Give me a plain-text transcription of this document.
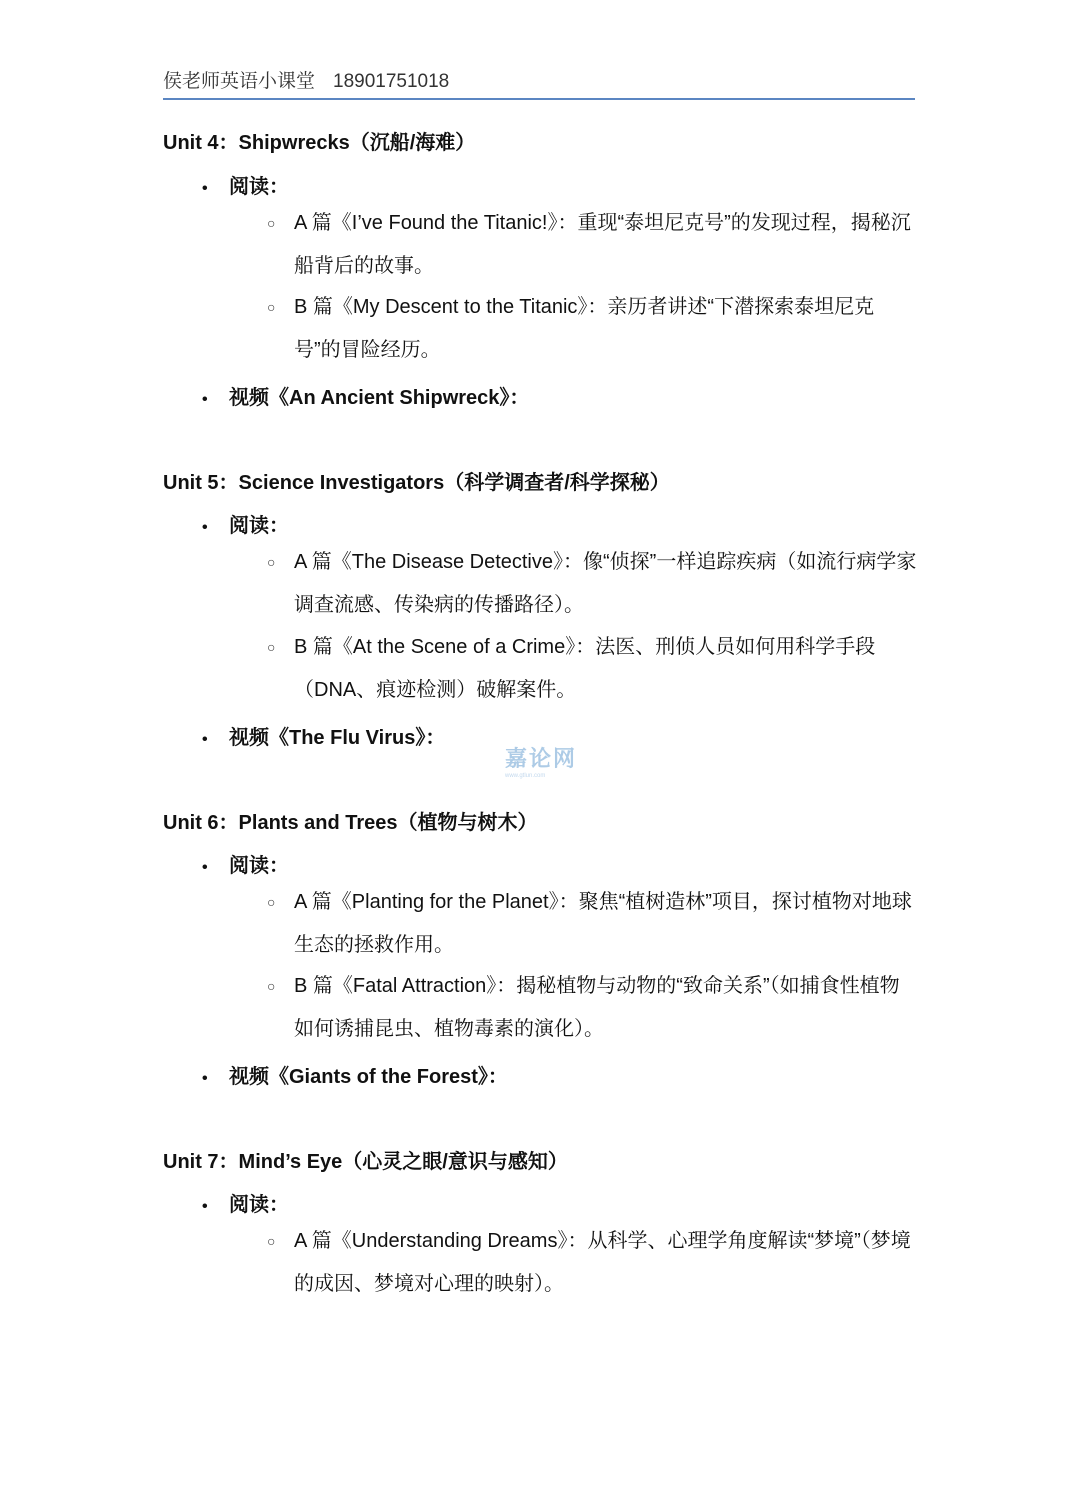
侯老师英语小课堂 18901751018
Unit 4：Shipwrecks（沉船/海难）
• 阅读：
○ A 篇《I’ve Found the Titanic!》：重现“泰坦尼克号”的发现过程，揭秘沉船背后的故事。
○ B 篇《My Descent to the Titanic》：亲历者讲述“下潜探索泰坦尼克号”的冒险经历。
• 视频《An Ancient Shipwreck》：
Unit 5：Science Investigators（科学调查者/科学探秘）
• 阅读：
○ A 篇《The Disease Detective》：像“侦探”一样追踪疾病（如流行病学家调查流感、传染病的传播路径）。
○ B 篇《At the Scene of a Crime》：法医、刑侦人员如何用科学手段（DNA、痕迹检测）破解案件。
• 视频《The Flu Virus》：
嘉论网
www.gtlun.com
Unit 6：Plants and Trees（植物与树木）
• 阅读：
○ A 篇《Planting for the Planet》：聚焦“植树造林”项目，探讨植物对地球生态的拯救作用。
○ B 篇《Fatal Attraction》：揭秘植物与动物的“致命关系”（如捕食性植物如何诱捕昆虫、植物毒素的演化）。
• 视频《Giants of the Forest》：
Unit 7：Mind’s Eye（心灵之眼/意识与感知）
• 阅读：
○ A 篇《Understanding Dreams》：从科学、心理学角度解读“梦境”（梦境的成因、梦境对心理的映射）。
